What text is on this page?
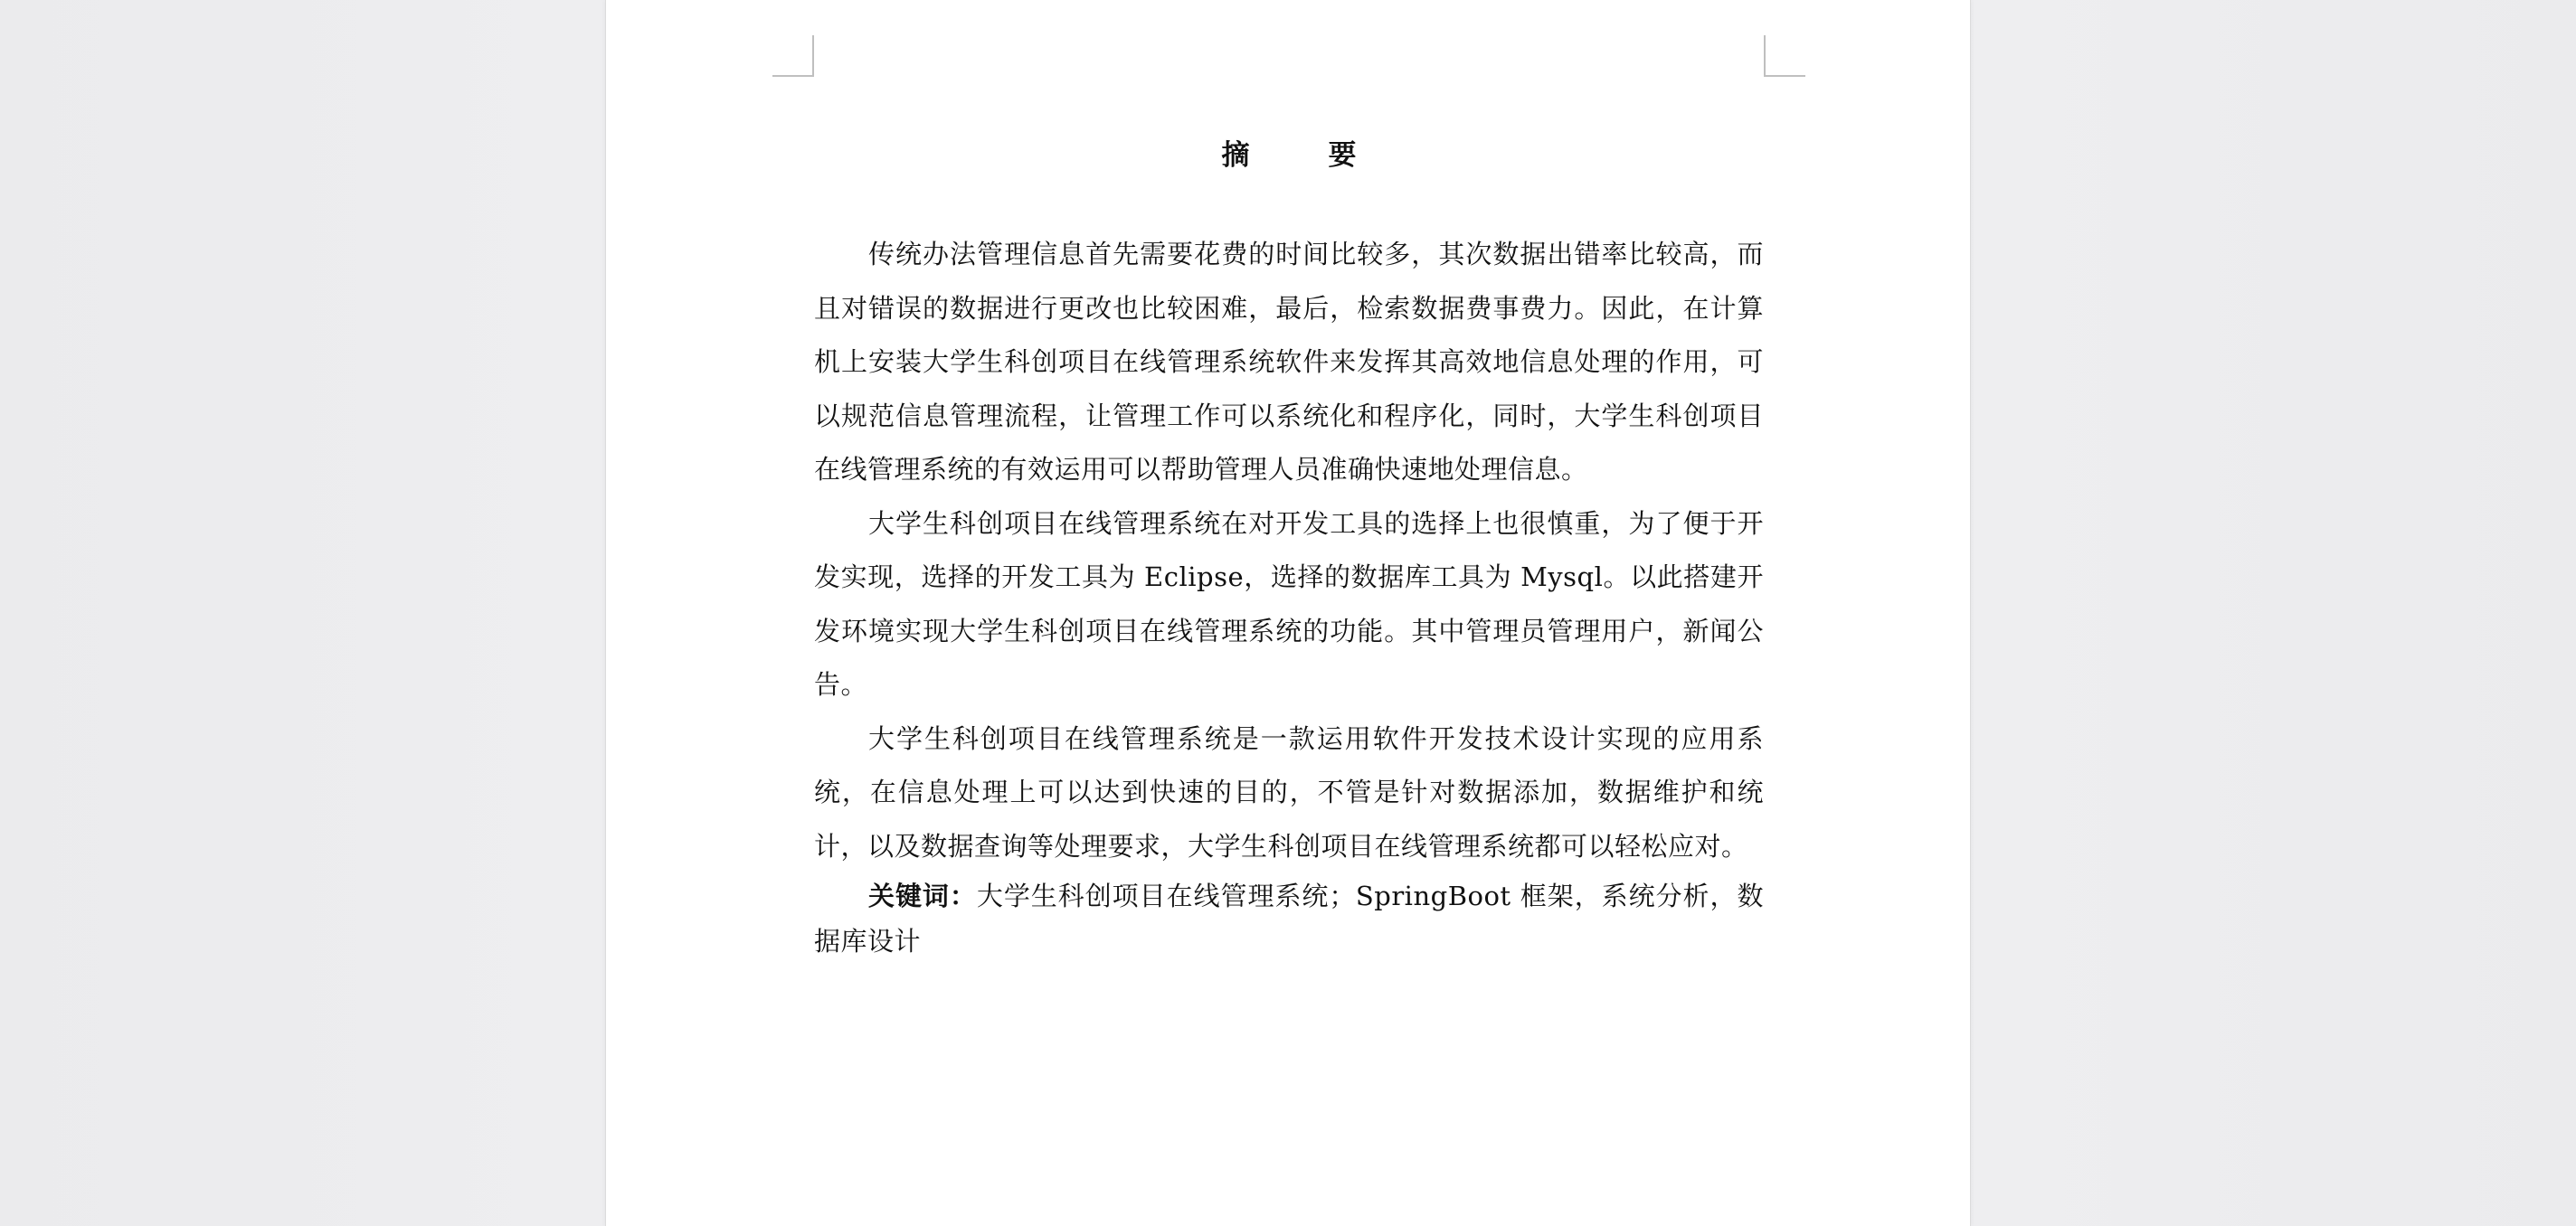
摘　要

传统办法管理信息首先需要花费的时间比较多，其次数据出错率比较高，而且对错误的数据进行更改也比较困难，最后，检索数据费事费力。因此，在计算机上安装大学生科创项目在线管理系统软件来发挥其高效地信息处理的作用，可以规范信息管理流程，让管理工作可以系统化和程序化，同时，大学生科创项目在线管理系统的有效运用可以帮助管理人员准确快速地处理信息。

大学生科创项目在线管理系统在对开发工具的选择上也很慎重，为了便于开发实现，选择的开发工具为 Eclipse，选择的数据库工具为 Mysql。以此搭建开发环境实现大学生科创项目在线管理系统的功能。其中管理员管理用户，新闻公告。

大学生科创项目在线管理系统是一款运用软件开发技术设计实现的应用系统，在信息处理上可以达到快速的目的，不管是针对数据添加，数据维护和统计，以及数据查询等处理要求，大学生科创项目在线管理系统都可以轻松应对。

关键词：大学生科创项目在线管理系统；SpringBoot 框架，系统分析，数据库设计
